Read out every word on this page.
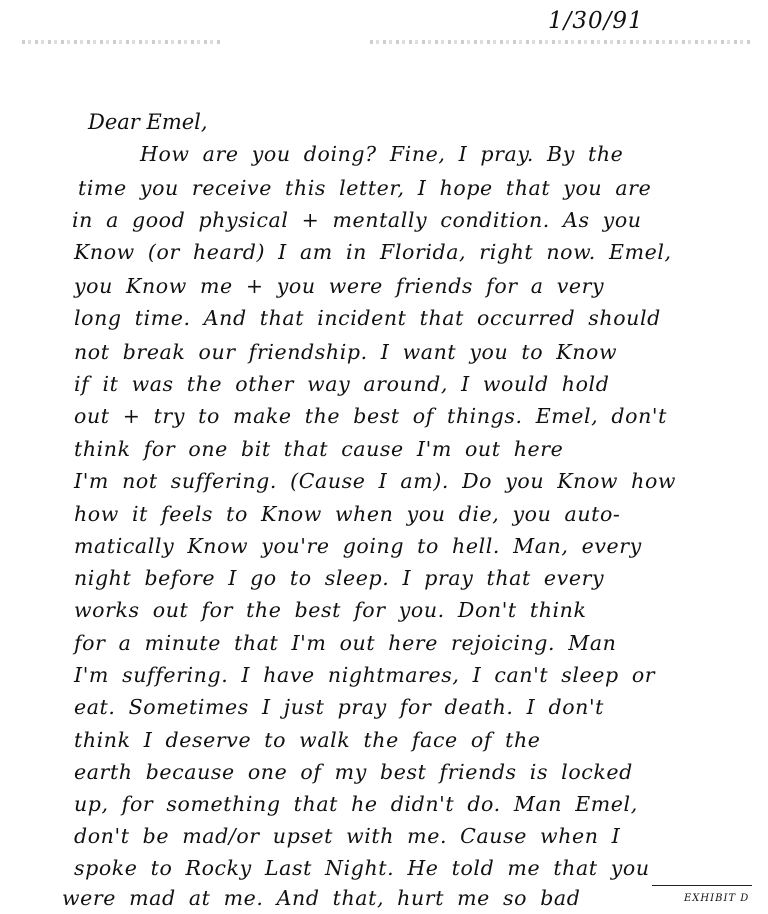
1/30/91
Dear Emel,
How are you doing? Fine, I pray. By the
time you receive this letter, I hope that you are
in a good physical + mentally condition. As you
Know (or heard) I am in Florida, right now. Emel,
you Know me + you were friends for a very
long time. And that incident that occurred should
not break our friendship. I want you to Know
if it was the other way around, I would hold
out + try to make the best of things. Emel, don't
think for one bit that cause I'm out here
I'm not suffering. (Cause I am). Do you Know how
how it feels to Know when you die, you auto-
matically Know you're going to hell. Man, every
night before I go to sleep. I pray that every
works out for the best for you. Don't think
for a minute that I'm out here rejoicing. Man
I'm suffering. I have nightmares, I can't sleep or
eat. Sometimes I just pray for death. I don't
think I deserve to walk the face of the
earth because one of my best friends is locked
up, for something that he didn't do. Man Emel,
don't be mad/or upset with me. Cause when I
spoke to Rocky Last Night. He told me that you
were mad at me. And that, hurt me so bad	EXHIBIT D
